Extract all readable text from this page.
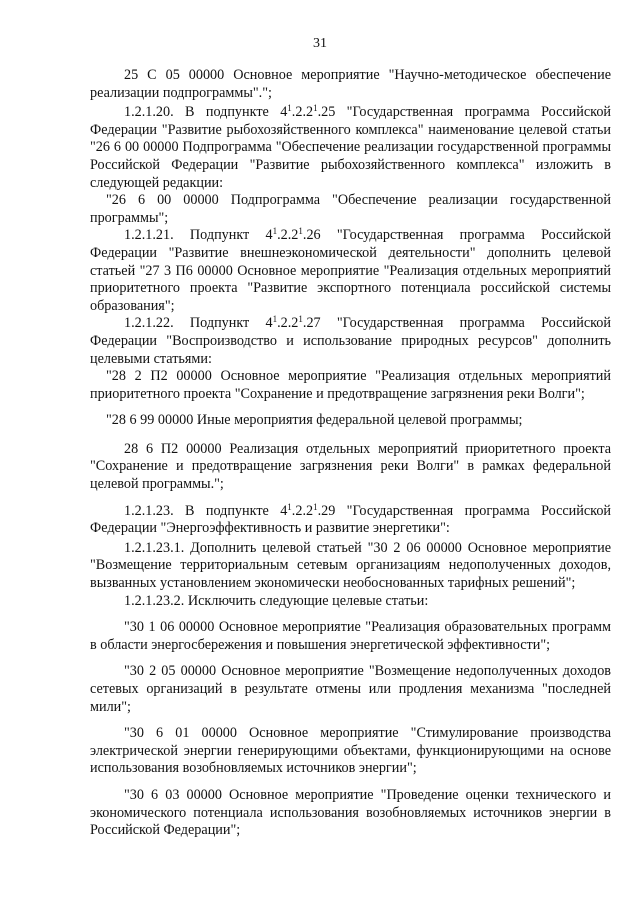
31

25 С 05 00000 Основное мероприятие "Научно-методическое обеспечение реализации подпрограммы".";

1.2.1.20. В подпункте $4^1.2.2^1.25$ "Государственная программа Российской Федерации "Развитие рыбохозяйственного комплекса" наименование целевой статьи "26 6 00 00000 Подпрограмма "Обеспечение реализации государственной программы Российской Федерации "Развитие рыбохозяйственного комплекса" изложить в следующей редакции:

"26 6 00 00000 Подпрограмма "Обеспечение реализации государственной программы";

1.2.1.21. Подпункт $4^1.2.2^1.26$ "Государственная программа Российской Федерации "Развитие внешнеэкономической деятельности" дополнить целевой статьей "27 3 П6 00000 Основное мероприятие "Реализация отдельных мероприятий приоритетного проекта "Развитие экспортного потенциала российской системы образования";

1.2.1.22. Подпункт $4^1.2.2^1.27$ "Государственная программа Российской Федерации "Воспроизводство и использование природных ресурсов" дополнить целевыми статьями:

"28 2 П2 00000 Основное мероприятие "Реализация отдельных мероприятий приоритетного проекта "Сохранение и предотвращение загрязнения реки Волги";

"28 6 99 00000 Иные мероприятия федеральной целевой программы;

28 6 П2 00000 Реализация отдельных мероприятий приоритетного проекта "Сохранение и предотвращение загрязнения реки Волги" в рамках федеральной целевой программы.";

1.2.1.23. В подпункте $4^1.2.2^1.29$ "Государственная программа Российской Федерации "Энергоэффективность и развитие энергетики":

1.2.1.23.1. Дополнить целевой статьей "30 2 06 00000 Основное мероприятие "Возмещение территориальным сетевым организациям недополученных доходов, вызванных установлением экономически необоснованных тарифных решений";

1.2.1.23.2. Исключить следующие целевые статьи:

"30 1 06 00000 Основное мероприятие "Реализация образовательных программ в области энергосбережения и повышения энергетической эффективности";

"30 2 05 00000 Основное мероприятие "Возмещение недополученных доходов сетевых организаций в результате отмены или продления механизма "последней мили";

"30 6 01 00000 Основное мероприятие "Стимулирование производства электрической энергии генерирующими объектами, функционирующими на основе использования возобновляемых источников энергии";

"30 6 03 00000 Основное мероприятие "Проведение оценки технического и экономического потенциала использования возобновляемых источников энергии в Российской Федерации";
